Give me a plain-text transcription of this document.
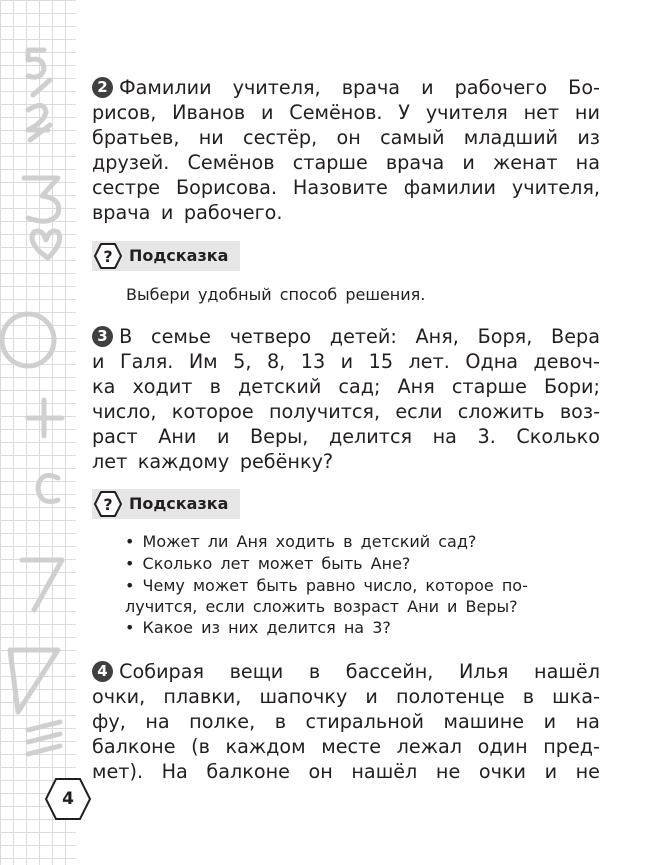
4
2 Фамилии учителя, врача и рабочего Бо-
рисов, Иванов и Семёнов. У учителя нет ни
братьев, ни сестёр, он самый младший из
друзей. Семёнов старше врача и женат на
сестре Борисова. Назовите фамилии учителя,
врача и рабочего.
? Подсказка
Выбери удобный способ решения.
3 В семье четверо детей: Аня, Боря, Вера
и Галя. Им 5, 8, 13 и 15 лет. Одна девоч-
ка ходит в детский сад; Аня старше Бори;
число, которое получится, если сложить воз-
раст Ани и Веры, делится на 3. Сколько
лет каждому ребёнку?
? Подсказка
• Может ли Аня ходить в детский сад?
• Сколько лет может быть Ане?
• Чему может быть равно число, которое по-
лучится, если сложить возраст Ани и Веры?
• Какое из них делится на 3?
4 Собирая вещи в бассейн, Илья нашёл
очки, плавки, шапочку и полотенце в шка-
фу, на полке, в стиральной машине и на
балконе (в каждом месте лежал один пред-
мет). На балконе он нашёл не очки и не
